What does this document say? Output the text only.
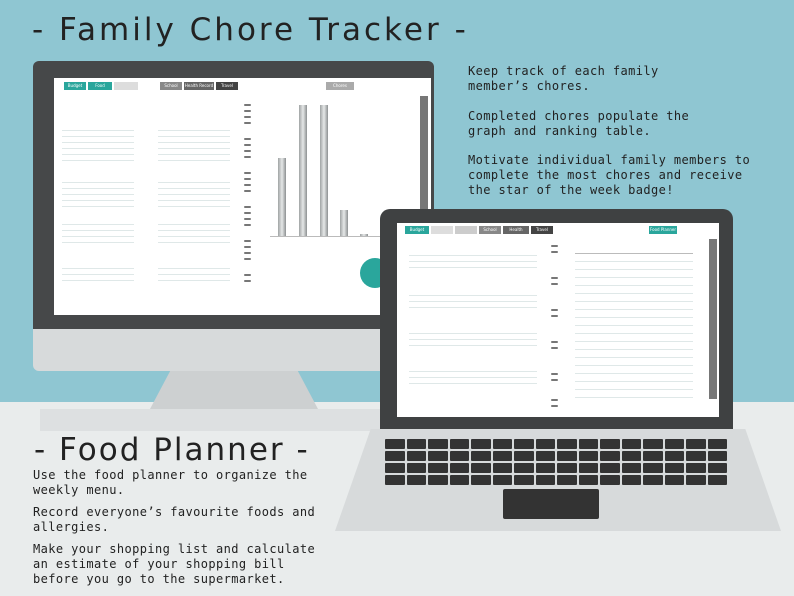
- Family Chore Tracker -
Keep track of each family member’s chores.
Completed chores populate the graph and ranking table.
Motivate individual family members to complete the most chores and receive the star of the week badge!
Budget	Food Planner
School	Health Record	Travel	Chores
Budget	School	Health Record
Travel	Food Planner
- Food Planner -
Use the food planner to organize the weekly menu.
Record everyone’s favourite foods and allergies.
Make your shopping list and calculate an estimate of your shopping bill before you go to the supermarket.
